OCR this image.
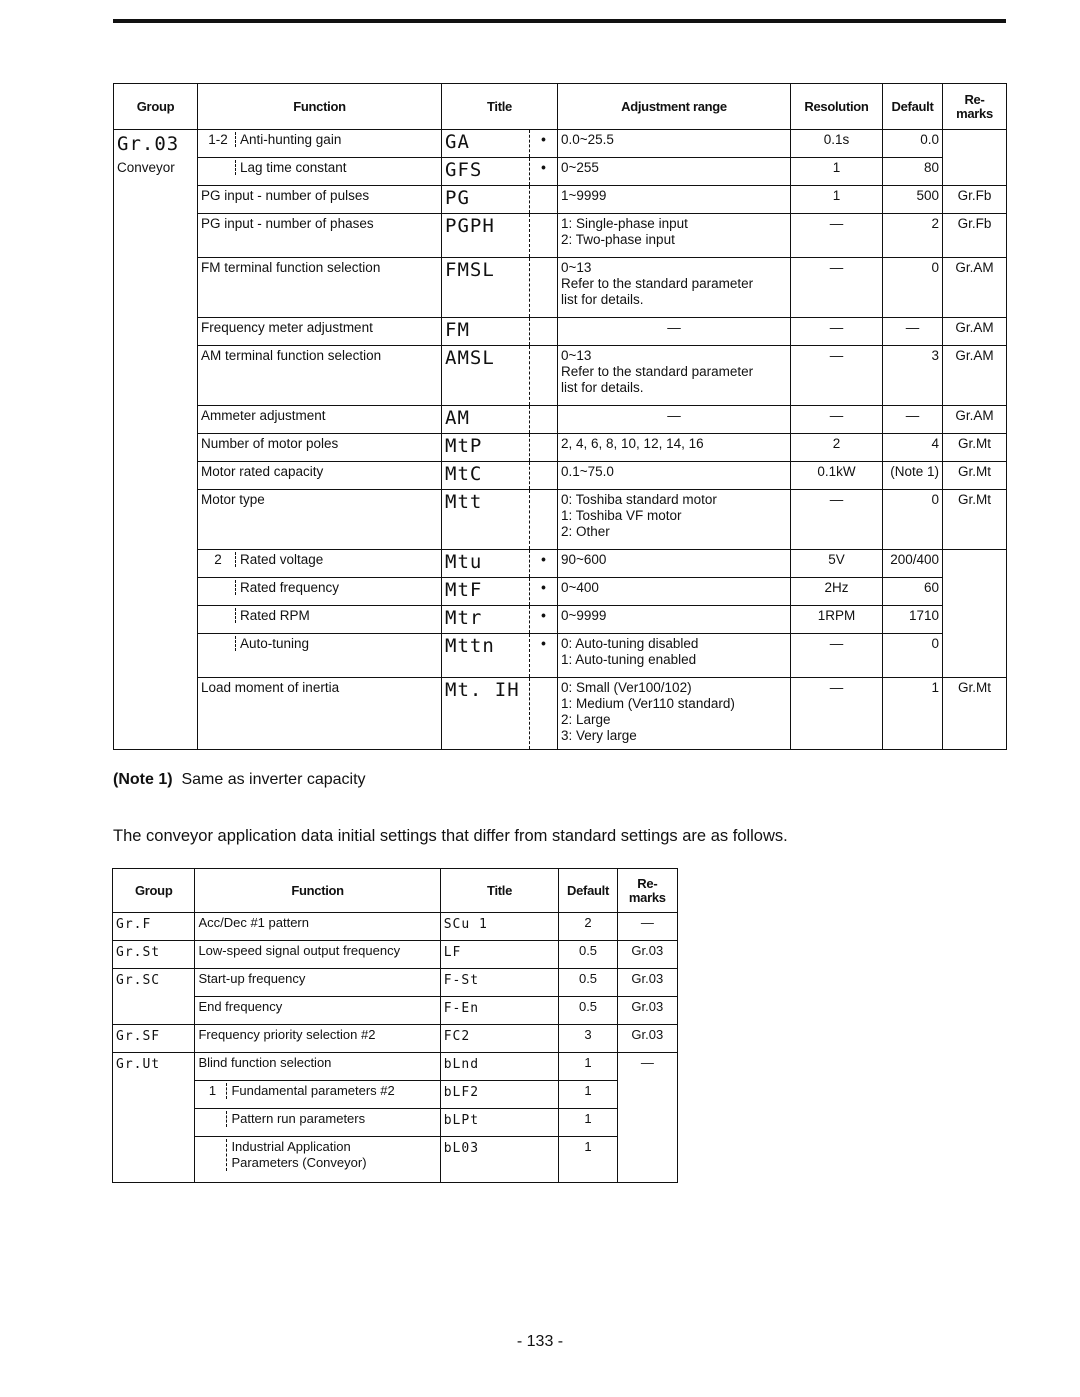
Group	Function	Title		Adjustment range	Resolution	Default	Re-
marks

Gr.03
Conveyor	1-2 Anti-hunting gain	GA	•	0.0~25.5	0.1s	0.0	
	Lag time constant	GFS	•	0~255	1	80	
	PG input - number of pulses	PG		1~9999	1	500	Gr.Fb
	PG input - number of phases	PGPH		1: Single-phase input
2: Two-phase input	—	2	Gr.Fb
	FM terminal function selection	FMSL		0~13
Refer to the standard parameter
list for details.	—	0	Gr.AM
	Frequency meter adjustment	FM		—	—	—	Gr.AM
	AM terminal function selection	AMSL		0~13
Refer to the standard parameter
list for details.	—	3	Gr.AM
	Ammeter adjustment	AM		—	—	—	Gr.AM
	Number of motor poles	MtP		2, 4, 6, 8, 10, 12, 14, 16	2	4	Gr.Mt
	Motor rated capacity	MtC		0.1~75.0	0.1kW	(Note 1)	Gr.Mt
	Motor type	Mtt		0: Toshiba standard motor
1: Toshiba VF motor
2: Other	—	0	Gr.Mt
	2 Rated voltage	Mtu	•	90~600	5V	200/400	
	Rated frequency	MtF	•	0~400	2Hz	60	
	Rated RPM	Mtr	•	0~9999	1RPM	1710	
	Auto-tuning	Mttn	•	0: Auto-tuning disabled
1: Auto-tuning enabled	—	0	
	Load moment of inertia	Mt. IH		0: Small (Ver100/102)
1: Medium (Ver110 standard)
2: Large
3: Very large	—	1	Gr.Mt
(Note 1) Same as inverter capacity
The conveyor application data initial settings that differ from standard settings are as follows.
Group	Function	Title	Default	Re-
marks
Gr.F	Acc/Dec #1 pattern	SCu 1	2	—
Gr.St	Low-speed signal output frequency	LF	0.5	Gr.03
Gr.SC	Start-up frequency	F-St	0.5	Gr.03
	End frequency	F-En	0.5	Gr.03
Gr.SF	Frequency priority selection #2	FC2	3	Gr.03
Gr.Ut	Blind function selection	bLnd	1	—
	1 Fundamental parameters #2	bLF2	1	
	Pattern run parameters	bLPt	1	
	Industrial Application
Parameters (Conveyor)	bL03	1	
- 133 -
